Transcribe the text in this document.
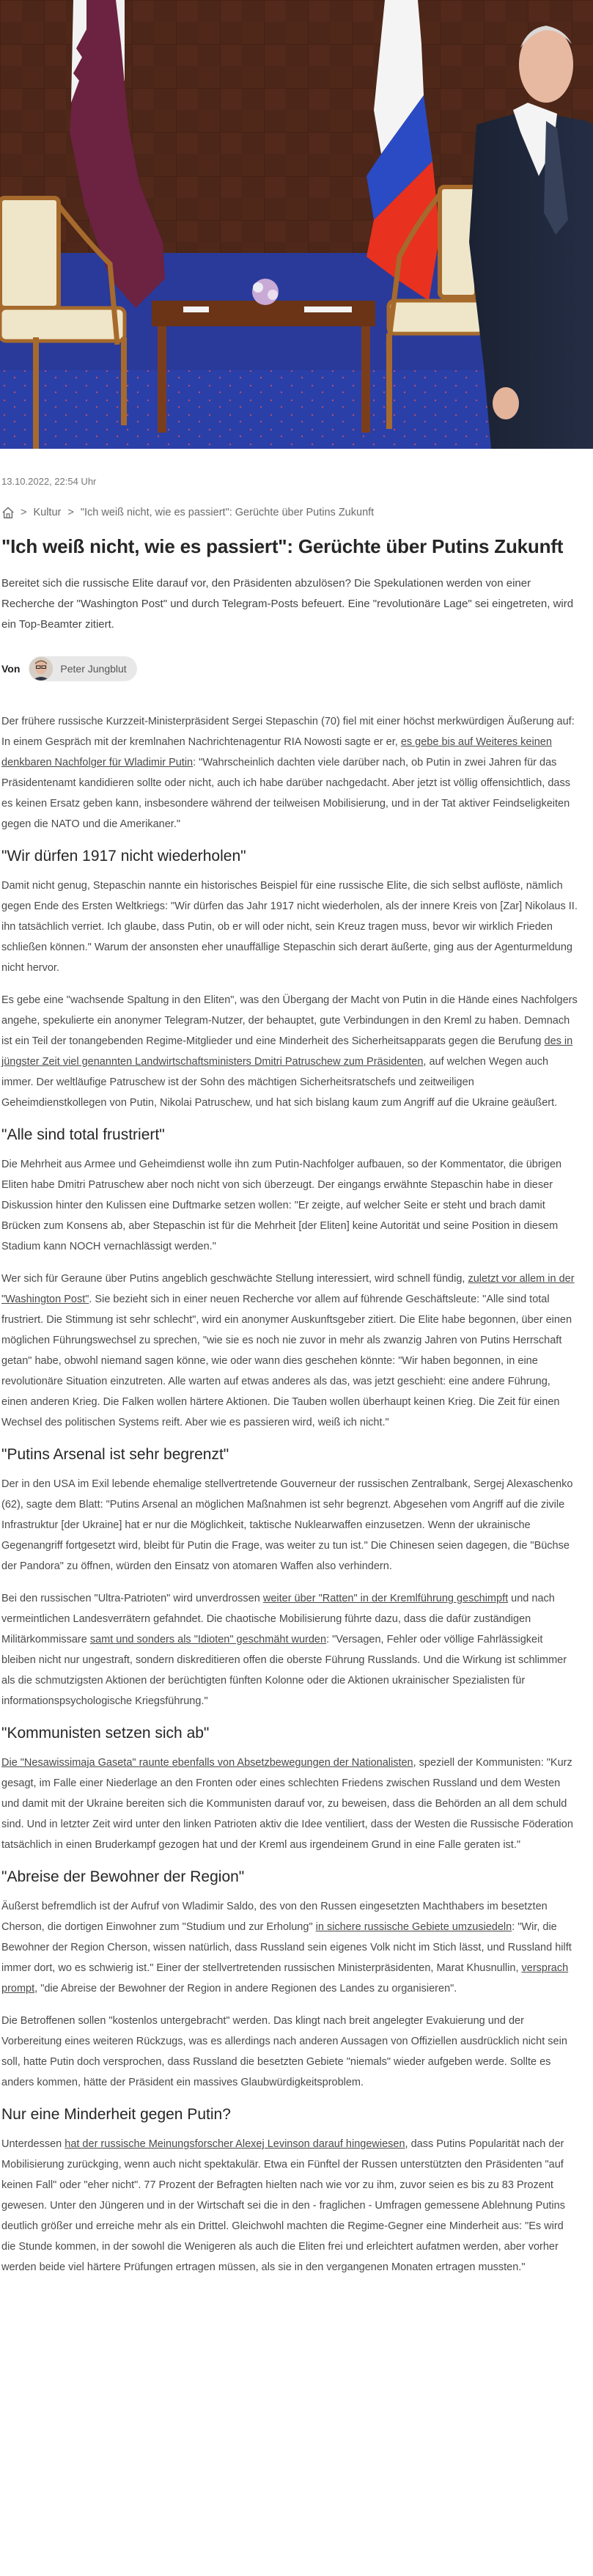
13.10.2022, 22:54 Uhr
> Kultur > "Ich weiß nicht, wie es passiert": Gerüchte über Putins Zukunft
"Ich weiß nicht, wie es passiert": Gerüchte über Putins Zukunft

Bereitet sich die russische Elite darauf vor, den Präsidenten abzulösen? Die Spekulationen werden von einer Recherche der "Washington Post" und durch Telegram-Posts befeuert. Eine "revolutionäre Lage" sei eingetreten, wird ein Top-Beamter zitiert.

Von	Peter Jungblut

Der frühere russische Kurzzeit-Ministerpräsident Sergei Stepaschin (70) fiel mit einer höchst merkwürdigen Äußerung auf: In einem Gespräch mit der kremlnahen Nachrichtenagentur RIA Nowosti sagte er er, es gebe bis auf Weiteres keinen denkbaren Nachfolger für Wladimir Putin: "Wahrscheinlich dachten viele darüber nach, ob Putin in zwei Jahren für das Präsidentenamt kandidieren sollte oder nicht, auch ich habe darüber nachgedacht. Aber jetzt ist völlig offensichtlich, dass es keinen Ersatz geben kann, insbesondere während der teilweisen Mobilisierung, und in der Tat aktiver Feindseligkeiten gegen die NATO und die Amerikaner."

"Wir dürfen 1917 nicht wiederholen"

Damit nicht genug, Stepaschin nannte ein historisches Beispiel für eine russische Elite, die sich selbst auflöste, nämlich gegen Ende des Ersten Weltkriegs: "Wir dürfen das Jahr 1917 nicht wiederholen, als der innere Kreis von [Zar] Nikolaus II. ihn tatsächlich verriet. Ich glaube, dass Putin, ob er will oder nicht, sein Kreuz tragen muss, bevor wir wirklich Frieden schließen können." Warum der ansonsten eher unauffällige Stepaschin sich derart äußerte, ging aus der Agenturmeldung nicht hervor.

Es gebe eine "wachsende Spaltung in den Eliten", was den Übergang der Macht von Putin in die Hände eines Nachfolgers angehe, spekulierte ein anonymer Telegram-Nutzer, der behauptet, gute Verbindungen in den Kreml zu haben. Demnach ist ein Teil der tonangebenden Regime-Mitglieder und eine Minderheit des Sicherheitsapparats gegen die Berufung des in jüngster Zeit viel genannten Landwirtschaftsministers Dmitri Patruschew zum Präsidenten, auf welchen Wegen auch immer. Der weltläufige Patruschew ist der Sohn des mächtigen Sicherheitsratschefs und zeitweiligen Geheimdienstkollegen von Putin, Nikolai Patruschew, und hat sich bislang kaum zum Angriff auf die Ukraine geäußert.

"Alle sind total frustriert"

Die Mehrheit aus Armee und Geheimdienst wolle ihn zum Putin-Nachfolger aufbauen, so der Kommentator, die übrigen Eliten habe Dmitri Patruschew aber noch nicht von sich überzeugt. Der eingangs erwähnte Stepaschin habe in dieser Diskussion hinter den Kulissen eine Duftmarke setzen wollen: "Er zeigte, auf welcher Seite er steht und brach damit Brücken zum Konsens ab, aber Stepaschin ist für die Mehrheit [der Eliten] keine Autorität und seine Position in diesem Stadium kann NOCH vernachlässigt werden."

Wer sich für Geraune über Putins angeblich geschwächte Stellung interessiert, wird schnell fündig, zuletzt vor allem in der "Washington Post". Sie bezieht sich in einer neuen Recherche vor allem auf führende Geschäftsleute: "Alle sind total frustriert. Die Stimmung ist sehr schlecht", wird ein anonymer Auskunftsgeber zitiert. Die Elite habe begonnen, über einen möglichen Führungswechsel zu sprechen, "wie sie es noch nie zuvor in mehr als zwanzig Jahren von Putins Herrschaft getan" habe, obwohl niemand sagen könne, wie oder wann dies geschehen könnte: "Wir haben begonnen, in eine revolutionäre Situation einzutreten. Alle warten auf etwas anderes als das, was jetzt geschieht: eine andere Führung, einen anderen Krieg. Die Falken wollen härtere Aktionen. Die Tauben wollen überhaupt keinen Krieg. Die Zeit für einen Wechsel des politischen Systems reift. Aber wie es passieren wird, weiß ich nicht."

"Putins Arsenal ist sehr begrenzt"

Der in den USA im Exil lebende ehemalige stellvertretende Gouverneur der russischen Zentralbank, Sergej Alexaschenko (62), sagte dem Blatt: "Putins Arsenal an möglichen Maßnahmen ist sehr begrenzt. Abgesehen vom Angriff auf die zivile Infrastruktur [der Ukraine] hat er nur die Möglichkeit, taktische Nuklearwaffen einzusetzen. Wenn der ukrainische Gegenangriff fortgesetzt wird, bleibt für Putin die Frage, was weiter zu tun ist." Die Chinesen seien dagegen, die "Büchse der Pandora" zu öffnen, würden den Einsatz von atomaren Waffen also verhindern.

Bei den russischen "Ultra-Patrioten" wird unverdrossen weiter über "Ratten" in der Kremlführung geschimpft und nach vermeintlichen Landesverrätern gefahndet. Die chaotische Mobilisierung führte dazu, dass die dafür zuständigen Militärkommissare samt und sonders als "Idioten" geschmäht wurden: "Versagen, Fehler oder völlige Fahrlässigkeit bleiben nicht nur ungestraft, sondern diskreditieren offen die oberste Führung Russlands. Und die Wirkung ist schlimmer als die schmutzigsten Aktionen der berüchtigten fünften Kolonne oder die Aktionen ukrainischer Spezialisten für informationspsychologische Kriegsführung."

"Kommunisten setzen sich ab"

Die "Nesawissimaja Gaseta" raunte ebenfalls von Absetzbewegungen der Nationalisten, speziell der Kommunisten: "Kurz gesagt, im Falle einer Niederlage an den Fronten oder eines schlechten Friedens zwischen Russland und dem Westen und damit mit der Ukraine bereiten sich die Kommunisten darauf vor, zu beweisen, dass die Behörden an all dem schuld sind. Und in letzter Zeit wird unter den linken Patrioten aktiv die Idee ventiliert, dass der Westen die Russische Föderation tatsächlich in einen Bruderkampf gezogen hat und der Kreml aus irgendeinem Grund in eine Falle geraten ist."

"Abreise der Bewohner der Region"

Äußerst befremdlich ist der Aufruf von Wladimir Saldo, des von den Russen eingesetzten Machthabers im besetzten Cherson, die dortigen Einwohner zum "Studium und zur Erholung" in sichere russische Gebiete umzusiedeln: "Wir, die Bewohner der Region Cherson, wissen natürlich, dass Russland sein eigenes Volk nicht im Stich lässt, und Russland hilft immer dort, wo es schwierig ist." Einer der stellvertretenden russischen Ministerpräsidenten, Marat Khusnullin, versprach prompt, "die Abreise der Bewohner der Region in andere Regionen des Landes zu organisieren".

Die Betroffenen sollen "kostenlos untergebracht" werden. Das klingt nach breit angelegter Evakuierung und der Vorbereitung eines weiteren Rückzugs, was es allerdings nach anderen Aussagen von Offiziellen ausdrücklich nicht sein soll, hatte Putin doch versprochen, dass Russland die besetzten Gebiete "niemals" wieder aufgeben werde. Sollte es anders kommen, hätte der Präsident ein massives Glaubwürdigkeitsproblem.

Nur eine Minderheit gegen Putin?

Unterdessen hat der russische Meinungsforscher Alexej Levinson darauf hingewiesen, dass Putins Popularität nach der Mobilisierung zurückging, wenn auch nicht spektakulär. Etwa ein Fünftel der Russen unterstützten den Präsidenten "auf keinen Fall" oder "eher nicht". 77 Prozent der Befragten hielten nach wie vor zu ihm, zuvor seien es bis zu 83 Prozent gewesen. Unter den Jüngeren und in der Wirtschaft sei die in den - fraglichen - Umfragen gemessene Ablehnung Putins deutlich größer und erreiche mehr als ein Drittel. Gleichwohl machten die Regime-Gegner eine Minderheit aus: "Es wird die Stunde kommen, in der sowohl die Wenigeren als auch die Eliten frei und erleichtert aufatmen werden, aber vorher werden beide viel härtere Prüfungen ertragen müssen, als sie in den vergangenen Monaten ertragen mussten."
